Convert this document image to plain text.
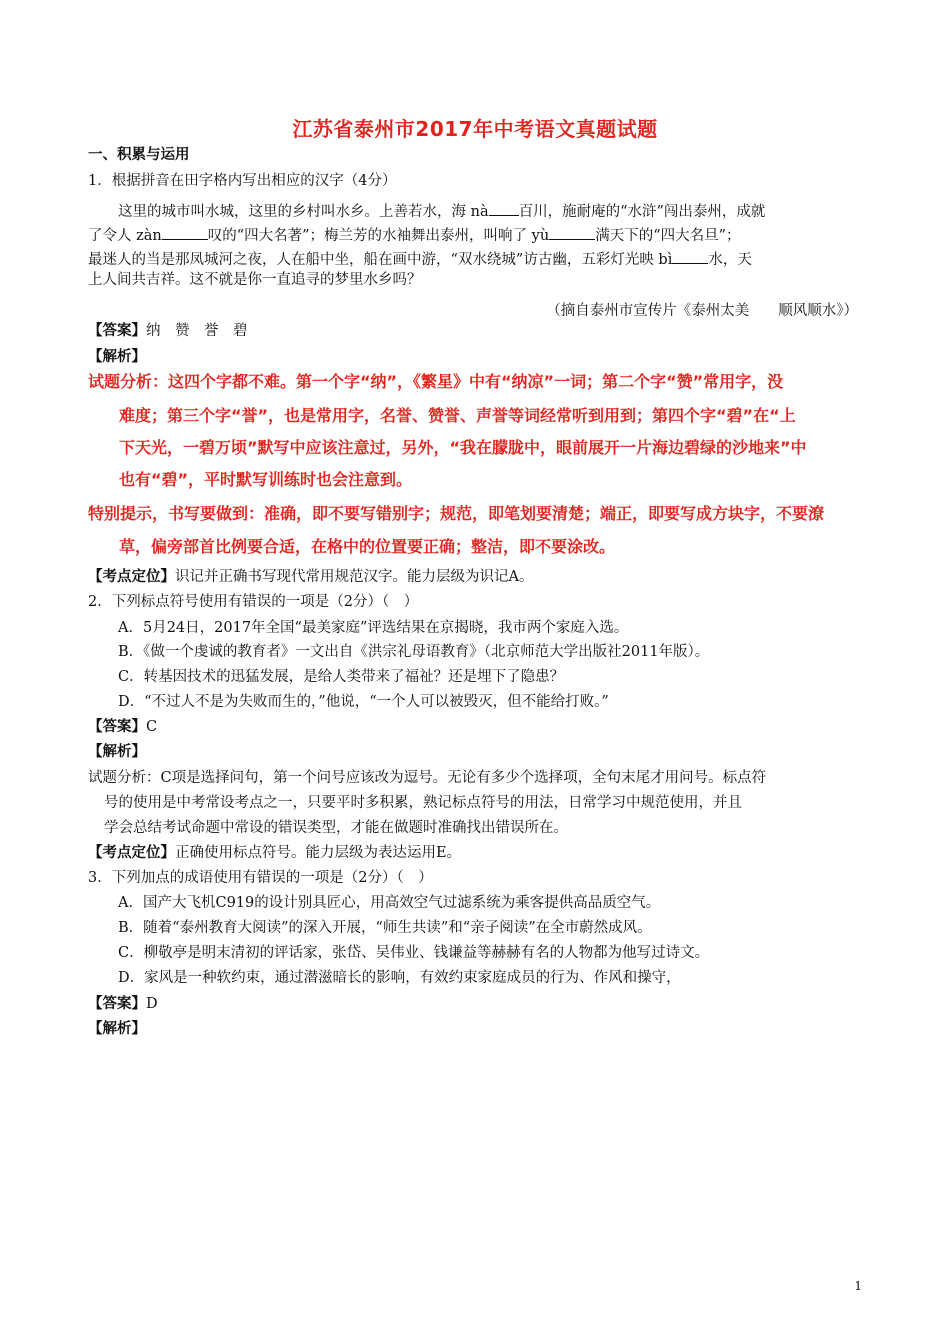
江苏省泰州市2017年中考语文真题试题
一、积累与运用
1．根据拼音在田字格内写出相应的汉字（4分）
这里的城市叫水城，这里的乡村叫水乡。上善若水，海 nà 百川，施耐庵的“水浒”闯出泰州，成就
了令人 zàn	叹的“四大名著”；梅兰芳的水袖舞出泰州，叫响了 yù	满天下的“四大名旦”；
最迷人的当是那凤城河之夜，人在船中坐，船在画中游，“双水绕城”访古幽，五彩灯光映 bì 水，天
上人间共吉祥。这不就是你一直追寻的梦里水乡吗？
（摘自泰州市宣传片《泰州太美　　顺风顺水》）
【答案】纳　赞　誉　碧
【解析】
试题分析：这四个字都不难。第一个字“纳”，《繁星》中有“纳凉”一词；第二个字“赞”常用字，没
难度；第三个字“誉”，也是常用字，名誉、赞誉、声誉等词经常听到用到；第四个字“碧”在“上
下天光，一碧万顷”默写中应该注意过，另外，“我在朦胧中，眼前展开一片海边碧绿的沙地来”中
也有“碧”，平时默写训练时也会注意到。
特别提示，书写要做到：准确，即不要写错别字；规范，即笔划要清楚；端正，即要写成方块字，不要潦
草，偏旁部首比例要合适，在格中的位置要正确；整洁，即不要涂改。
【考点定位】识记并正确书写现代常用规范汉字。能力层级为识记A。
2．下列标点符号使用有错误的一项是（2分）（　）
A．5月24日，2017年全国“最美家庭”评选结果在京揭晓，我市两个家庭入选。
B．《做一个虔诚的教育者》一文出自《洪宗礼母语教育》（北京师范大学出版社2011年版）。
C．转基因技术的迅猛发展，是给人类带来了福祉？还是埋下了隐患？
D．“不过人不是为失败而生的，”他说，“一个人可以被毁灭，但不能给打败。”
【答案】C
【解析】
试题分析：C项是选择问句，第一个问号应该改为逗号。无论有多少个选择项，全句末尾才用问号。标点符
号的使用是中考常设考点之一，只要平时多积累，熟记标点符号的用法，日常学习中规范使用，并且
学会总结考试命题中常设的错误类型，才能在做题时准确找出错误所在。
【考点定位】正确使用标点符号。能力层级为表达运用E。
3．下列加点的成语使用有错误的一项是（2分）（　）
A．国产大飞机C919的设计别具匠心，用高效空气过滤系统为乘客提供高品质空气。
B．随着“泰州教育大阅读”的深入开展，“师生共读”和“亲子阅读”在全市蔚然成风。
C．柳敬亭是明末清初的评话家，张岱、吴伟业、钱谦益等赫赫有名的人物都为他写过诗文。
D．家风是一种软约束，通过潜滋暗长的影响，有效约束家庭成员的行为、作风和操守，
【答案】D
【解析】
1
